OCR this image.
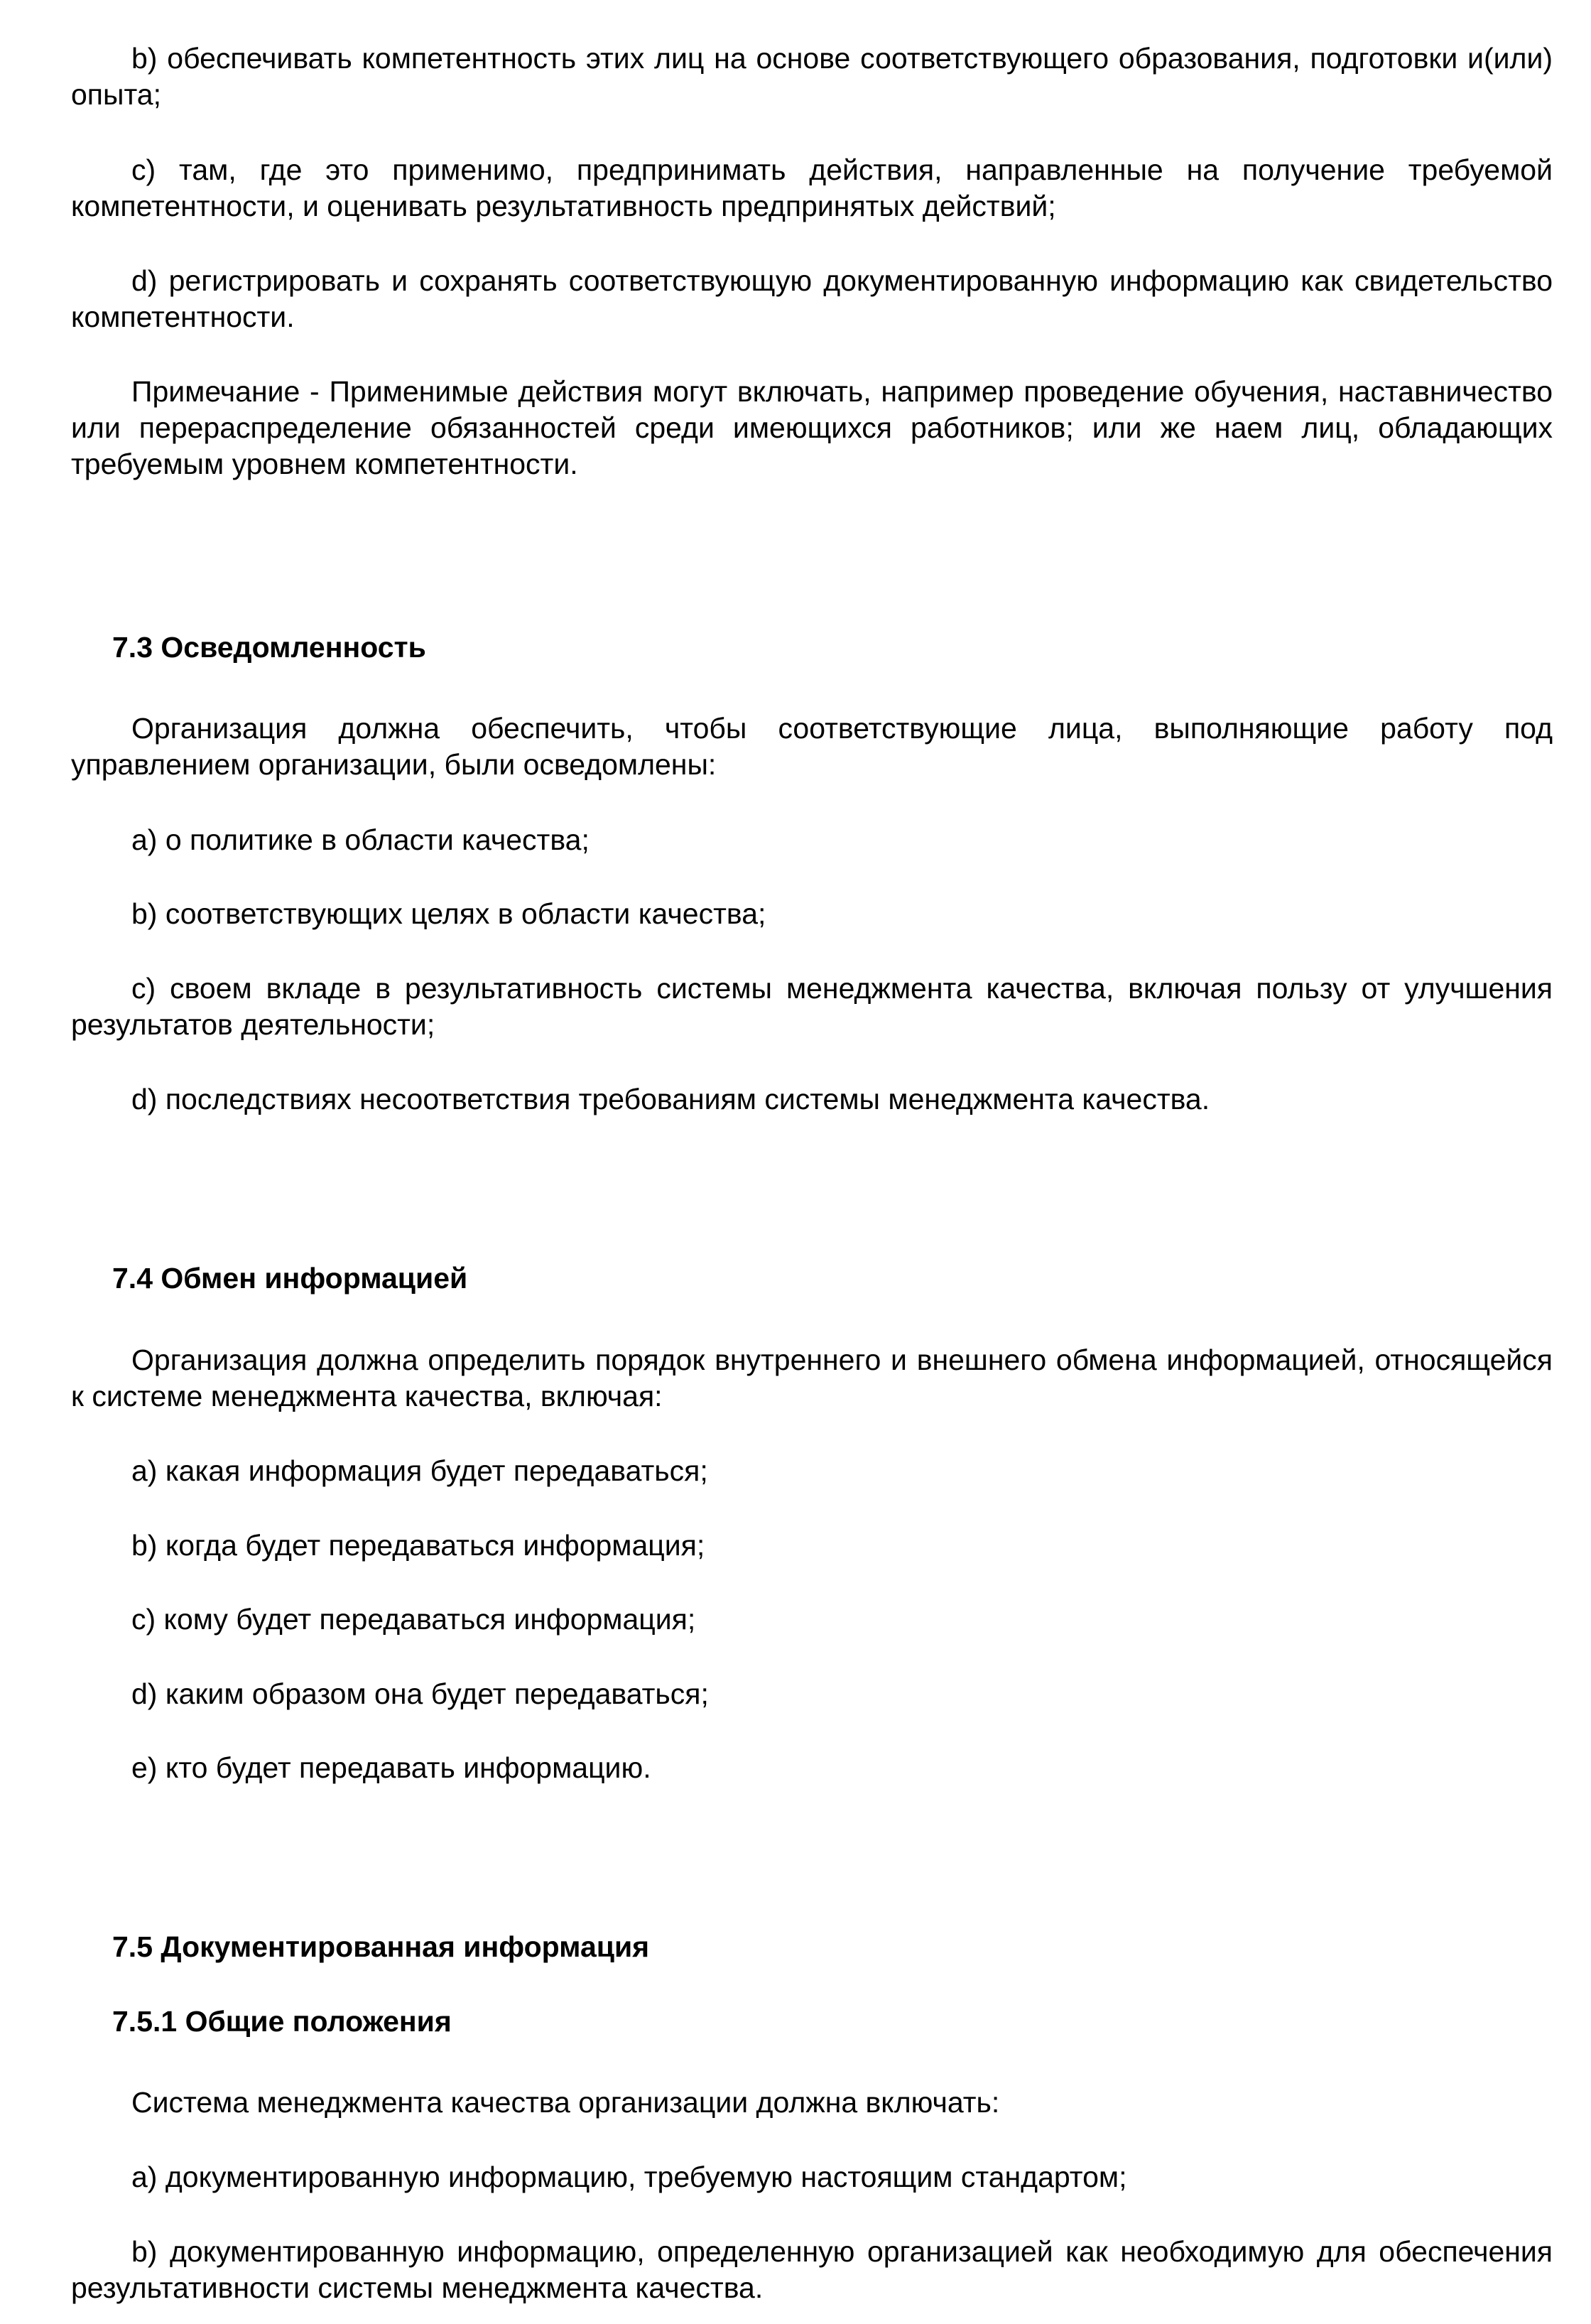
b) обеспечивать компетентность этих лиц на основе соответствующего образования, подготовки и(или) опыта;

c) там, где это применимо, предпринимать действия, направленные на получение требуемой компетентности, и оценивать результативность предпринятых действий;

d) регистрировать и сохранять соответствующую документированную информацию как свидетельство компетентности.

Примечание - Применимые действия могут включать, например проведение обучения, наставничество или перераспределение обязанностей среди имеющихся работников; или же наем лиц, обладающих требуемым уровнем компетентности.

7.3 Осведомленность

Организация должна обеспечить, чтобы соответствующие лица, выполняющие работу под управлением организации, были осведомлены:

a) о политике в области качества;

b) соответствующих целях в области качества;

c) своем вкладе в результативность системы менеджмента качества, включая пользу от улучшения результатов деятельности;

d) последствиях несоответствия требованиям системы менеджмента качества.

7.4 Обмен информацией

Организация должна определить порядок внутреннего и внешнего обмена информацией, относящейся к системе менеджмента качества, включая:

a) какая информация будет передаваться;

b) когда будет передаваться информация;

c) кому будет передаваться информация;

d) каким образом она будет передаваться;

e) кто будет передавать информацию.

7.5 Документированная информация
7.5.1 Общие положения

Система менеджмента качества организации должна включать:

a) документированную информацию, требуемую настоящим стандартом;

b) документированную информацию, определенную организацией как необходимую для обеспечения результативности системы менеджмента качества.
